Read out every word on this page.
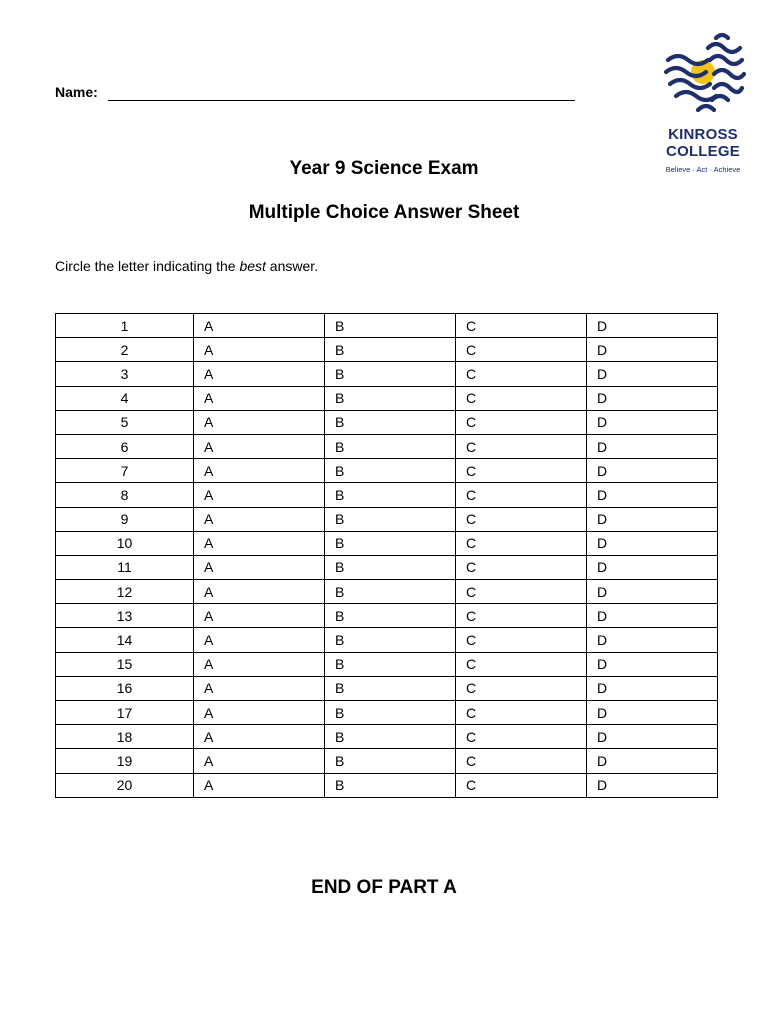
Name:
KINROSS
COLLEGE
Believe · Act · Achieve
Year 9 Science Exam
Multiple Choice Answer Sheet
Circle the letter indicating the best answer.
1	A	B	C	D
2	A	B	C	D
3	A	B	C	D
4	A	B	C	D
5	A	B	C	D
6	A	B	C	D
7	A	B	C	D
8	A	B	C	D
9	A	B	C	D
10	A	B	C	D
11	A	B	C	D
12	A	B	C	D
13	A	B	C	D
14	A	B	C	D
15	A	B	C	D
16	A	B	C	D
17	A	B	C	D
18	A	B	C	D
19	A	B	C	D
20	A	B	C	D
END OF PART A
